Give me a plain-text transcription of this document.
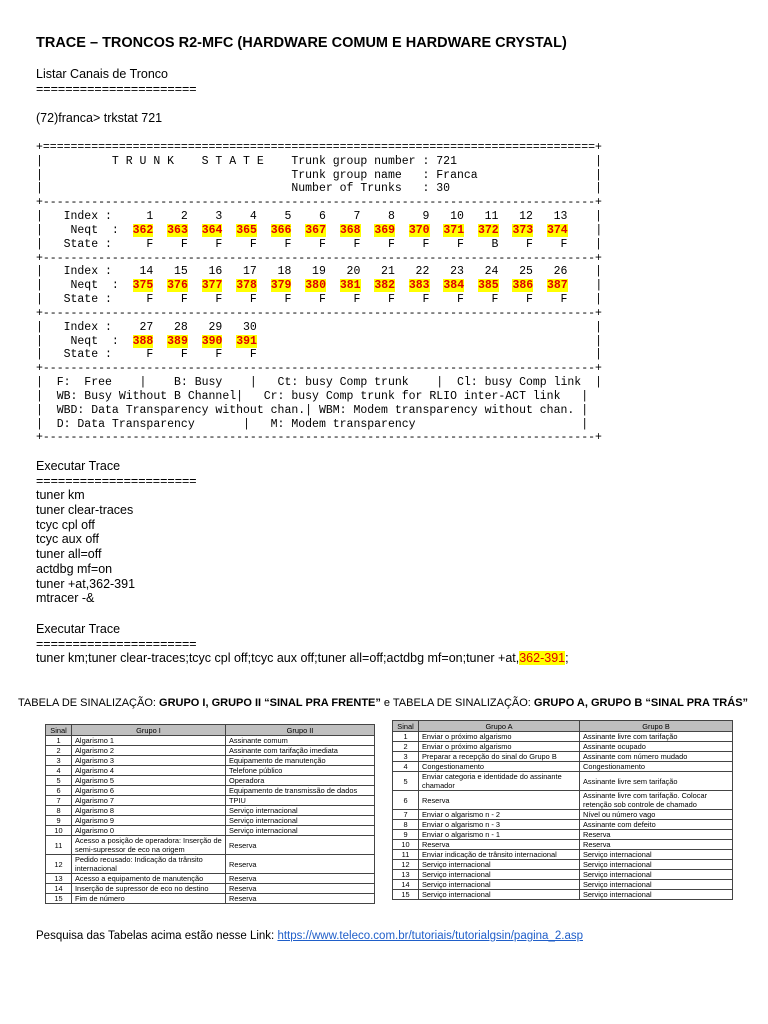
TRACE – TRONCOS R2-MFC (HARDWARE COMUM E HARDWARE CRYSTAL)
Listar Canais de Tronco
======================
(72)franca> trkstat 721
+================================================================================+
|          T R U N K    S T A T E    Trunk group number : 721                    |
|                                    Trunk group name   : Franca                 |
|                                    Number of Trunks   : 30                     |
+--------------------------------------------------------------------------------+
|   Index :     1    2    3    4    5    6    7    8    9   10   11   12   13    |
|    Neqt  :  362 363 364 365 366 367 368 369 370 371 372 373 374    |
|   State :     F    F    F    F    F    F    F    F    F    F    B    F    F    |
+--------------------------------------------------------------------------------+
|   Index :    14   15   16   17   18   19   20   21   22   23   24   25   26    |
|    Neqt  :  375 376 377 378 379 380 381 382 383 384 385 386 387    |
|   State :     F    F    F    F    F    F    F    F    F    F    F    F    F    |
+--------------------------------------------------------------------------------+
|   Index :    27   28   29   30                                                 |
|    Neqt  :  388 389 390 391	|
|   State :     F    F    F    F                                                 |
+--------------------------------------------------------------------------------+
|  F:  Free    |    B: Busy    |   Ct: busy Comp trunk    |  Cl: busy Comp link  |
|  WB: Busy Without B Channel|   Cr: busy Comp trunk for RLIO inter-ACT link   |
|  WBD: Data Transparency without chan.| WBM: Modem transparency without chan. |
|  D: Data Transparency       |   M: Modem transparency                        |
+--------------------------------------------------------------------------------+
Executar Trace
======================
tuner km
tuner clear-traces
tcyc cpl off
tcyc aux off
tuner all=off
actdbg mf=on
tuner +at,362-391
mtracer -&
Executar Trace
======================
tuner km;tuner clear-traces;tcyc cpl off;tcyc aux off;tuner all=off;actdbg mf=on;tuner +at,362-391;
TABELA DE SINALIZAÇÃO: GRUPO I, GRUPO II “SINAL PRA FRENTE” e TABELA DE SINALIZAÇÃO: GRUPO A, GRUPO B “SINAL PRA TRÁS”
Sinal	Grupo I	Grupo II
1	Algarismo 1	Assinante comum
2	Algarismo 2	Assinante com tarifação imediata
3	Algarismo 3	Equipamento de manutenção
4	Algarismo 4	Telefone público
5	Algarismo 5	Operadora
6	Algarismo 6	Equipamento de transmissão de dados
7	Algarismo 7	TPIU
8	Algarismo 8	Serviço internacional
9	Algarismo 9	Serviço internacional
10	Algarismo 0	Serviço internacional
11	Acesso a posição de operadora: Inserção de semi-supressor de eco na origem	Reserva
12	Pedido recusado: Indicação da trânsito internacional	Reserva
13	Acesso a equipamento de manutenção	Reserva
14	Inserção de supressor de eco no destino	Reserva
15	Fim de número	Reserva
Sinal	Grupo A	Grupo B
1	Enviar o próximo algarismo	Assinante livre com tarifação
2	Enviar o próximo algarismo	Assinante ocupado
3	Preparar a recepção do sinal do Grupo B	Assinante com número mudado
4	Congestionamento	Congestionamento
5	Enviar categoria e identidade do assinante chamador	Assinante livre sem tarifação
6	Reserva	Assinante livre com tarifação. Colocar retenção sob controle de chamado
7	Enviar o algarismo n - 2	Nível ou número vago
8	Enviar o algarismo n - 3	Assinante com defeito
9	Enviar o algarismo n - 1	Reserva
10	Reserva	Reserva
11	Enviar indicação de trânsito internacional	Serviço internacional
12	Serviço internacional	Serviço internacional
13	Serviço internacional	Serviço internacional
14	Serviço internacional	Serviço internacional
15	Serviço internacional	Serviço internacional
Pesquisa das Tabelas acima estão nesse Link: https://www.teleco.com.br/tutoriais/tutorialgsin/pagina_2.asp
